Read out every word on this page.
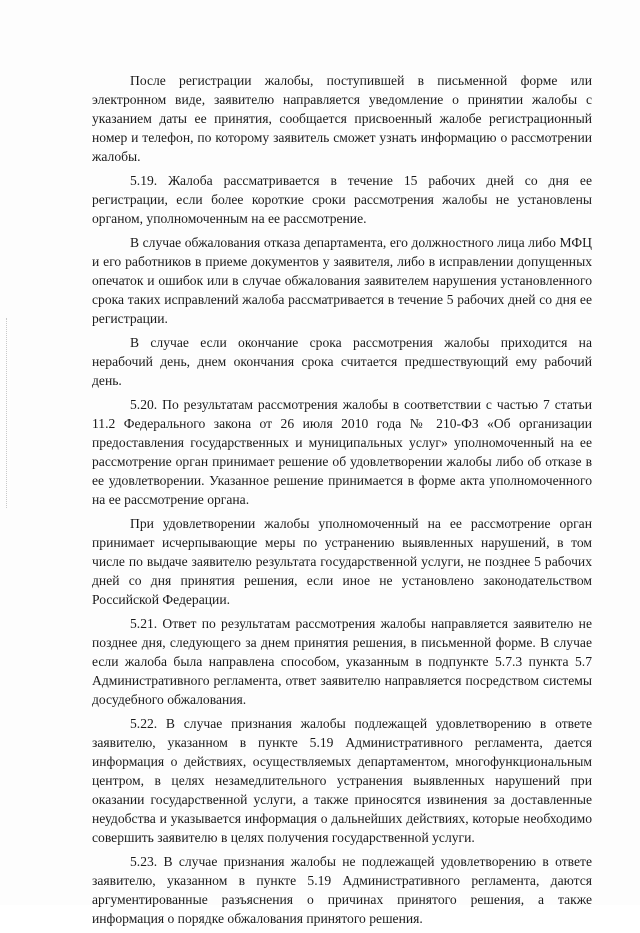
После регистрации жалобы, поступившей в письменной форме или электронном виде, заявителю направляется уведомление о принятии жалобы с указанием даты ее принятия, сообщается присвоенный жалобе регистрационный номер и телефон, по которому заявитель сможет узнать информацию о рассмотрении жалобы.

5.19. Жалоба рассматривается в течение 15 рабочих дней со дня ее регистрации, если более короткие сроки рассмотрения жалобы не установлены органом, уполномоченным на ее рассмотрение.

В случае обжалования отказа департамента, его должностного лица либо МФЦ и его работников в приеме документов у заявителя, либо в исправлении допущенных опечаток и ошибок или в случае обжалования заявителем нарушения установленного срока таких исправлений жалоба рассматривается в течение 5 рабочих дней со дня ее регистрации.

В случае если окончание срока рассмотрения жалобы приходится на нерабочий день, днем окончания срока считается предшествующий ему рабочий день.

5.20. По результатам рассмотрения жалобы в соответствии с частью 7 статьи 11.2 Федерального закона от 26 июля 2010 года № 210-ФЗ «Об организации предоставления государственных и муниципальных услуг» уполномоченный на ее рассмотрение орган принимает решение об удовлетворении жалобы либо об отказе в ее удовлетворении. Указанное решение принимается в форме акта уполномоченного на ее рассмотрение органа.

При удовлетворении жалобы уполномоченный на ее рассмотрение орган принимает исчерпывающие меры по устранению выявленных нарушений, в том числе по выдаче заявителю результата государственной услуги, не позднее 5 рабочих дней со дня принятия решения, если иное не установлено законодательством Российской Федерации.

5.21. Ответ по результатам рассмотрения жалобы направляется заявителю не позднее дня, следующего за днем принятия решения, в письменной форме. В случае если жалоба была направлена способом, указанным в подпункте 5.7.3 пункта 5.7 Административного регламента, ответ заявителю направляется посредством системы досудебного обжалования.

5.22. В случае признания жалобы подлежащей удовлетворению в ответе заявителю, указанном в пункте 5.19 Административного регламента, дается информация о действиях, осуществляемых департаментом, многофункциональным центром, в целях незамедлительного устранения выявленных нарушений при оказании государственной услуги, а также приносятся извинения за доставленные неудобства и указывается информация о дальнейших действиях, которые необходимо совершить заявителю в целях получения государственной услуги.

5.23. В случае признания жалобы не подлежащей удовлетворению в ответе заявителю, указанном в пункте 5.19 Административного регламента, даются аргументированные разъяснения о причинах принятого решения, а также информация о порядке обжалования принятого решения.
